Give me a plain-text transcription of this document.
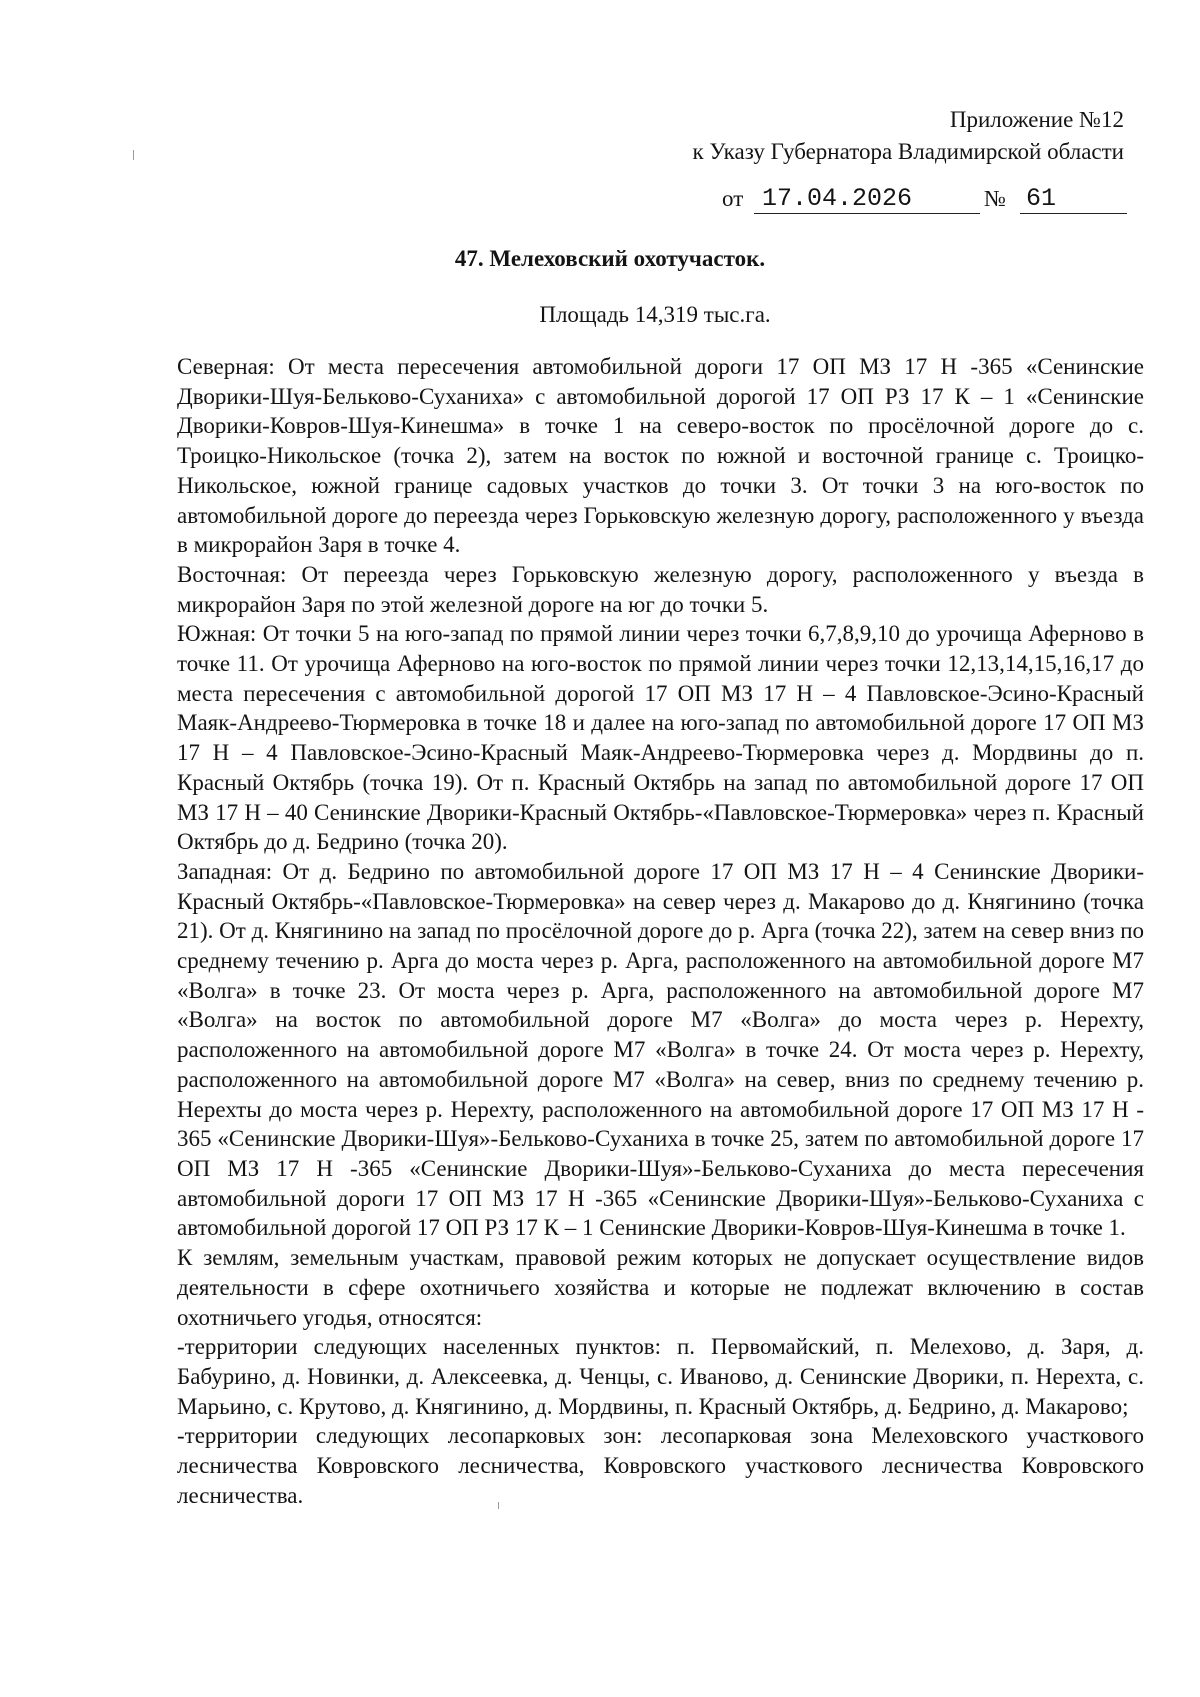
Приложение №12
к Указу Губернатора Владимирской области
от 17.04.2026	№ 61
47. Мелеховский охотучасток.
Площадь 14,319 тыс.га.

Северная: От места пересечения автомобильной дороги 17 ОП МЗ 17 Н -365 «Сенинские Дворики-Шуя-Бельково-Суханиха» с автомобильной дорогой 17 ОП РЗ 17 К – 1 «Сенинские Дворики-Ковров-Шуя-Кинешма» в точке 1 на северо-восток по просёлочной дороге до с. Троицко-Никольское (точка 2), затем на восток по южной и восточной границе с. Троицко-Никольское, южной границе садовых участков до точки 3. От точки 3 на юго-восток по автомобильной дороге до переезда через Горьковскую железную дорогу, расположенного у въезда в микрорайон Заря в точке 4.

Восточная: От переезда через Горьковскую железную дорогу, расположенного у въезда в микрорайон Заря по этой железной дороге на юг до точки 5.

Южная: От точки 5 на юго-запад по прямой линии через точки 6,7,8,9,10 до урочища Аферново в точке 11. От урочища Аферново на юго-восток по прямой линии через точки 12,13,14,15,16,17 до места пересечения с автомобильной дорогой 17 ОП МЗ 17 Н – 4 Павловское-Эсино-Красный Маяк-Андреево-Тюрмеровка в точке 18 и далее на юго-запад по автомобильной дороге 17 ОП МЗ 17 Н – 4 Павловское-Эсино-Красный Маяк-Андреево-Тюрмеровка через д. Мордвины до п. Красный Октябрь (точка 19). От п. Красный Октябрь на запад по автомобильной дороге 17 ОП МЗ 17 Н – 40 Сенинские Дворики-Красный Октябрь-«Павловское-Тюрмеровка» через п. Красный Октябрь до д. Бедрино (точка 20).

Западная: От д. Бедрино по автомобильной дороге 17 ОП МЗ 17 Н – 4 Сенинские Дворики-Красный Октябрь-«Павловское-Тюрмеровка» на север через д. Макарово до д. Княгинино (точка 21). От д. Княгинино на запад по просёлочной дороге до р. Арга (точка 22), затем на север вниз по среднему течению р. Арга до моста через р. Арга, расположенного на автомобильной дороге М7 «Волга» в точке 23. От моста через р. Арга, расположенного на автомобильной дороге М7 «Волга» на восток по автомобильной дороге М7 «Волга» до моста через р. Нерехту, расположенного на автомобильной дороге М7 «Волга» в точке 24. От моста через р. Нерехту, расположенного на автомобильной дороге М7 «Волга» на север, вниз по среднему течению р. Нерехты до моста через р. Нерехту, расположенного на автомобильной дороге 17 ОП МЗ 17 Н - 365 «Сенинские Дворики-Шуя»-Бельково-Суханиха в точке 25, затем по автомобильной дороге 17 ОП МЗ 17 Н -365 «Сенинские Дворики-Шуя»-Бельково-Суханиха до места пересечения автомобильной дороги 17 ОП МЗ 17 Н -365 «Сенинские Дворики-Шуя»-Бельково-Суханиха с автомобильной дорогой 17 ОП РЗ 17 К – 1 Сенинские Дворики-Ковров-Шуя-Кинешма в точке 1.

К землям, земельным участкам, правовой режим которых не допускает осуществление видов деятельности в сфере охотничьего хозяйства и которые не подлежат включению в состав охотничьего угодья, относятся:

-территории следующих населенных пунктов: п. Первомайский, п. Мелехово, д. Заря, д. Бабурино, д. Новинки, д. Алексеевка, д. Ченцы, с. Иваново, д. Сенинские Дворики, п. Нерехта, с. Марьино, с. Крутово, д. Княгинино, д. Мордвины, п. Красный Октябрь, д. Бедрино, д. Макарово;

-территории следующих лесопарковых зон: лесопарковая зона Мелеховского участкового лесничества Ковровского лесничества, Ковровского участкового лесничества Ковровского лесничества.
